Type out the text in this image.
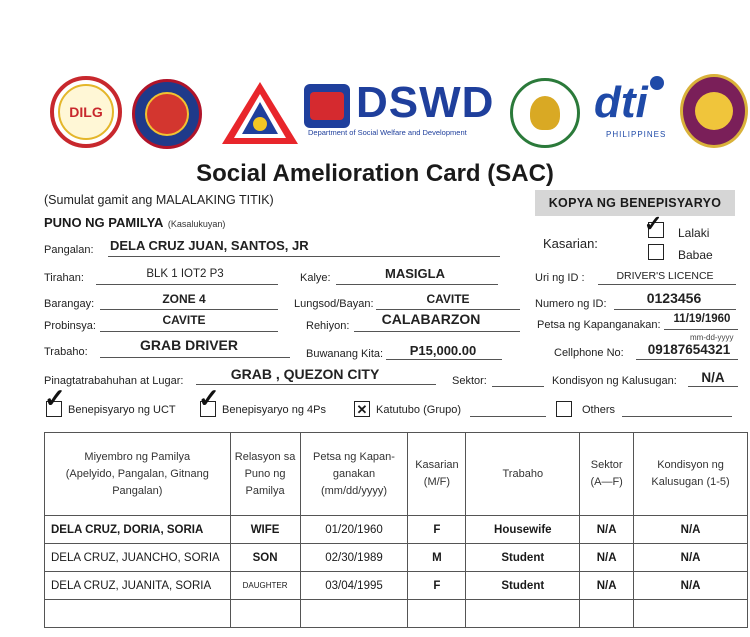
DILG	DSWD
Department of Social Welfare and Development
dti
PHILIPPINES
Social Amelioration Card (SAC)
(Sumulat gamit ang MALALAKING TITIK)	KOPYA NG BENEPISYARYO
PUNO NG PAMILYA (Kasalukuyan)
Kasarian:
✓ Lalaki
Babae
Pangalan: DELA CRUZ JUAN, SANTOS, JR
Tirahan:	BLK 1 IOT2 P3	Kalye:	MASIGLA	Uri ng ID :	DRIVER'S LICENCE
Barangay:	ZONE 4	Lungsod/Bayan:	CAVITE	Numero ng ID:	0123456
Probinsya:	CAVITE	Rehiyon:	CALABARZON	Petsa ng Kapanganakan:	11/19/1960
mm-dd-yyyy
Trabaho:	GRAB DRIVER
Buwanang Kita:	P15,000.00	Cellphone No:	09187654321
Pinagtatrabahuhan at Lugar:	GRAB , QUEZON CITY	Sektor:	Kondisyon ng Kalusugan:	N/A
✓ Benepisyaryo ng UCT ✓ Benepisyaryo ng 4Ps ✕ Katutubo (Grupo)	Others
Miyembro ng Pamilya (Apelyido, Pangalan, Gitnang Pangalan)	Relasyon sa Puno ng Pamilya	Petsa ng Kapan-ganakan (mm/dd/yyyy)	Kasarian (M/F)	Trabaho	Sektor (A—F)	Kondisyon ng Kalusugan (1-5)
DELA CRUZ, DORIA, SORIA	WIFE	01/20/1960	F	Housewife	N/A	N/A
DELA CRUZ, JUANCHO, SORIA	SON	02/30/1989	M	Student	N/A	N/A
DELA CRUZ, JUANITA, SORIA	DAUGHTER	03/04/1995	F	Student	N/A	N/A
